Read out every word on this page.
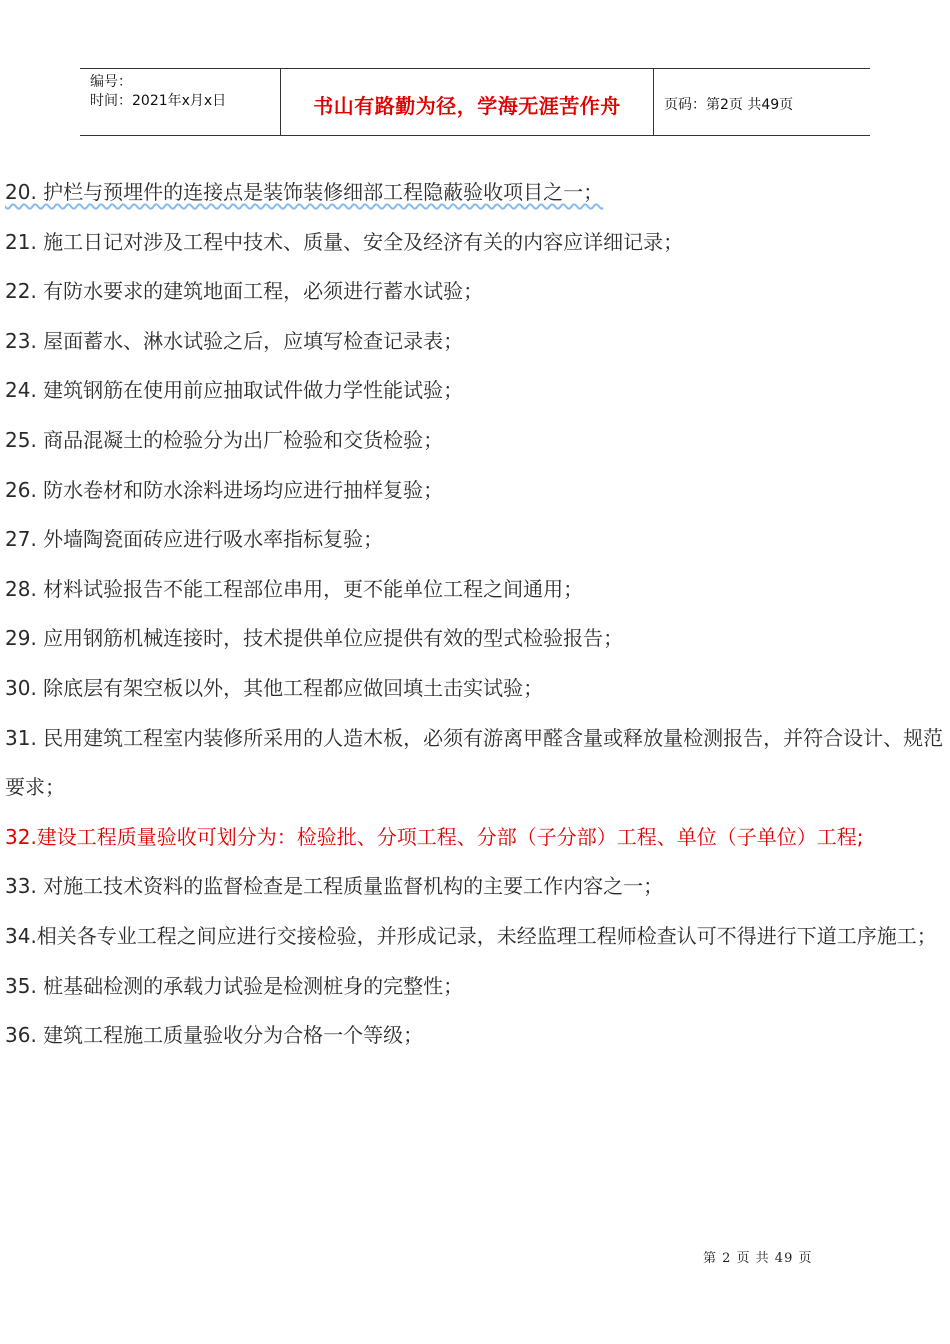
编号：
时间：2021年x月x日	书山有路勤为径，学海无涯苦作舟	页码：第2页 共49页

20. 护栏与预埋件的连接点是装饰装修细部工程隐蔽验收项目之一；

21. 施工日记对涉及工程中技术、质量、安全及经济有关的内容应详细记录；

22. 有防水要求的建筑地面工程，必须进行蓄水试验；

23. 屋面蓄水、淋水试验之后，应填写检查记录表；

24. 建筑钢筋在使用前应抽取试件做力学性能试验；

25. 商品混凝土的检验分为出厂检验和交货检验；

26. 防水卷材和防水涂料进场均应进行抽样复验；

27. 外墙陶瓷面砖应进行吸水率指标复验；

28. 材料试验报告不能工程部位串用，更不能单位工程之间通用；

29. 应用钢筋机械连接时，技术提供单位应提供有效的型式检验报告；

30. 除底层有架空板以外，其他工程都应做回填土击实试验；

31. 民用建筑工程室内装修所采用的人造木板，必须有游离甲醛含量或释放量检测报告，并符合设计、规范要求；

32.建设工程质量验收可划分为：检验批、分项工程、分部（子分部）工程、单位（子单位）工程;

33. 对施工技术资料的监督检查是工程质量监督机构的主要工作内容之一；

34.相关各专业工程之间应进行交接检验，并形成记录，未经监理工程师检查认可不得进行下道工序施工；

35. 桩基础检测的承载力试验是检测桩身的完整性；

36. 建筑工程施工质量验收分为合格一个等级；

第 2 页 共 49 页
